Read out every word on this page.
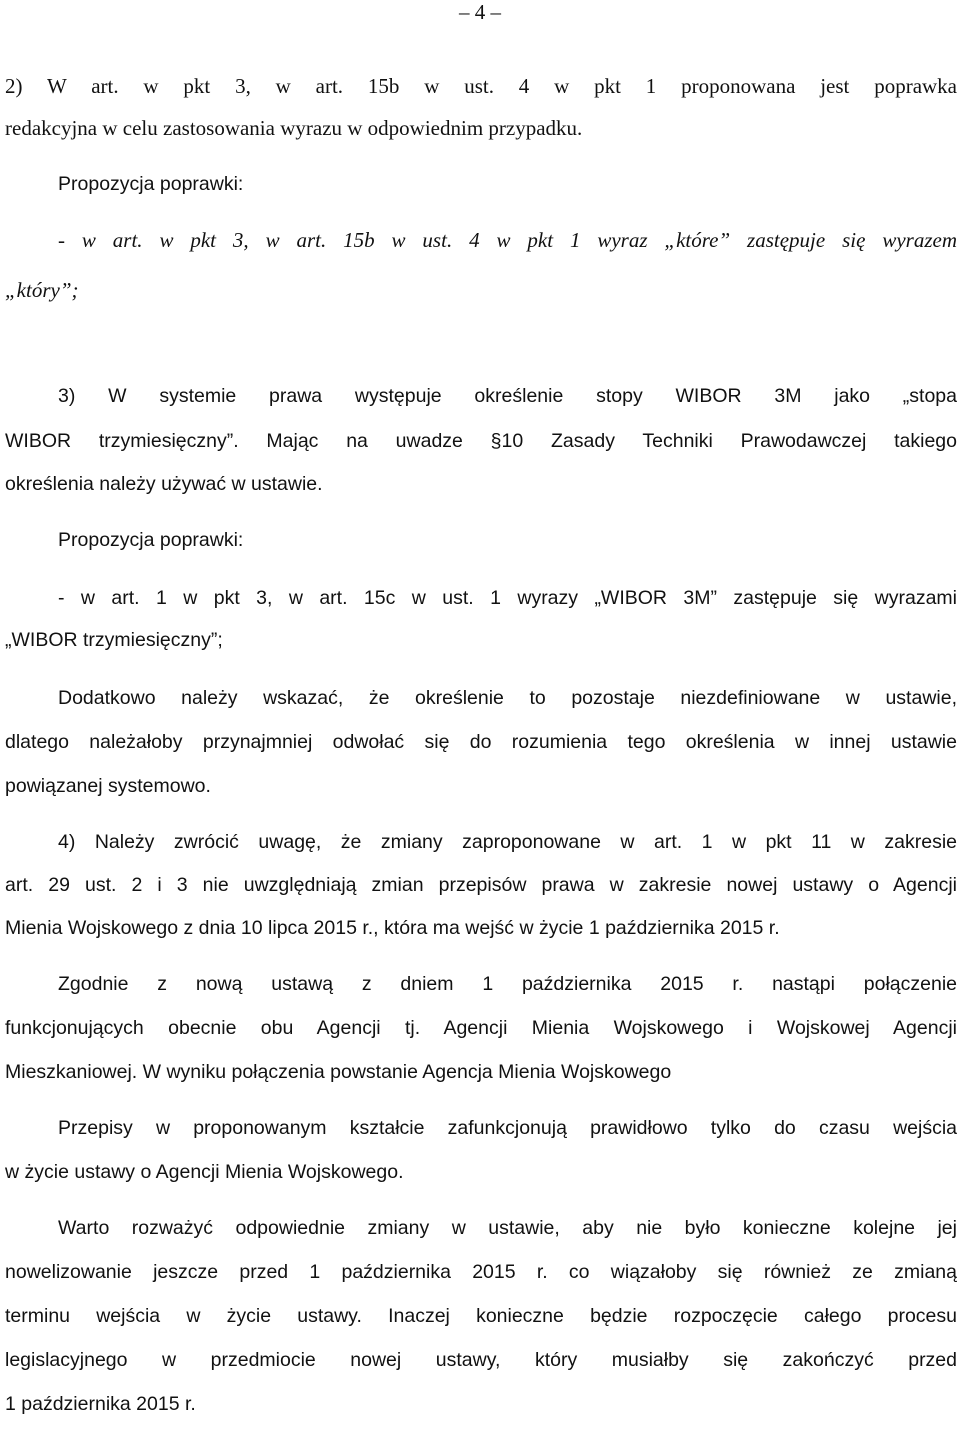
– 4 –
2) W art. w pkt 3, w art. 15b w ust. 4 w pkt 1 proponowana jest poprawka
redakcyjna w celu zastosowania wyrazu w odpowiednim przypadku.
Propozycja poprawki:
- w art. w pkt 3, w art. 15b w ust. 4 w pkt 1 wyraz „które” zastępuje się wyrazem
„który”;
3) W systemie prawa występuje określenie stopy WIBOR 3M jako „stopa
WIBOR trzymiesięczny”. Mając na uwadze §10 Zasady Techniki Prawodawczej takiego
określenia należy używać w ustawie.
Propozycja poprawki:
- w art. 1 w pkt 3, w art. 15c w ust. 1 wyrazy „WIBOR 3M” zastępuje się wyrazami
„WIBOR trzymiesięczny”;
Dodatkowo należy wskazać, że określenie to pozostaje niezdefiniowane w ustawie,
dlatego należałoby przynajmniej odwołać się do rozumienia tego określenia w innej ustawie
powiązanej systemowo.
4) Należy zwrócić uwagę, że zmiany zaproponowane w art. 1 w pkt 11 w zakresie
art. 29 ust. 2 i 3 nie uwzględniają zmian przepisów prawa w zakresie nowej ustawy o Agencji
Mienia Wojskowego z dnia 10 lipca 2015 r., która ma wejść w życie 1 października 2015 r.
Zgodnie z nową ustawą z dniem 1 października 2015 r. nastąpi połączenie
funkcjonujących obecnie obu Agencji tj. Agencji Mienia Wojskowego i Wojskowej Agencji
Mieszkaniowej. W wyniku połączenia powstanie Agencja Mienia Wojskowego
Przepisy w proponowanym kształcie zafunkcjonują prawidłowo tylko do czasu wejścia
w życie ustawy o Agencji Mienia Wojskowego.
Warto rozważyć odpowiednie zmiany w ustawie, aby nie było konieczne kolejne jej
nowelizowanie jeszcze przed 1 października 2015 r. co wiązałoby się również ze zmianą
terminu wejścia w życie ustawy. Inaczej konieczne będzie rozpoczęcie całego procesu
legislacyjnego w przedmiocie nowej ustawy, który musiałby się zakończyć przed
1 października 2015 r.
